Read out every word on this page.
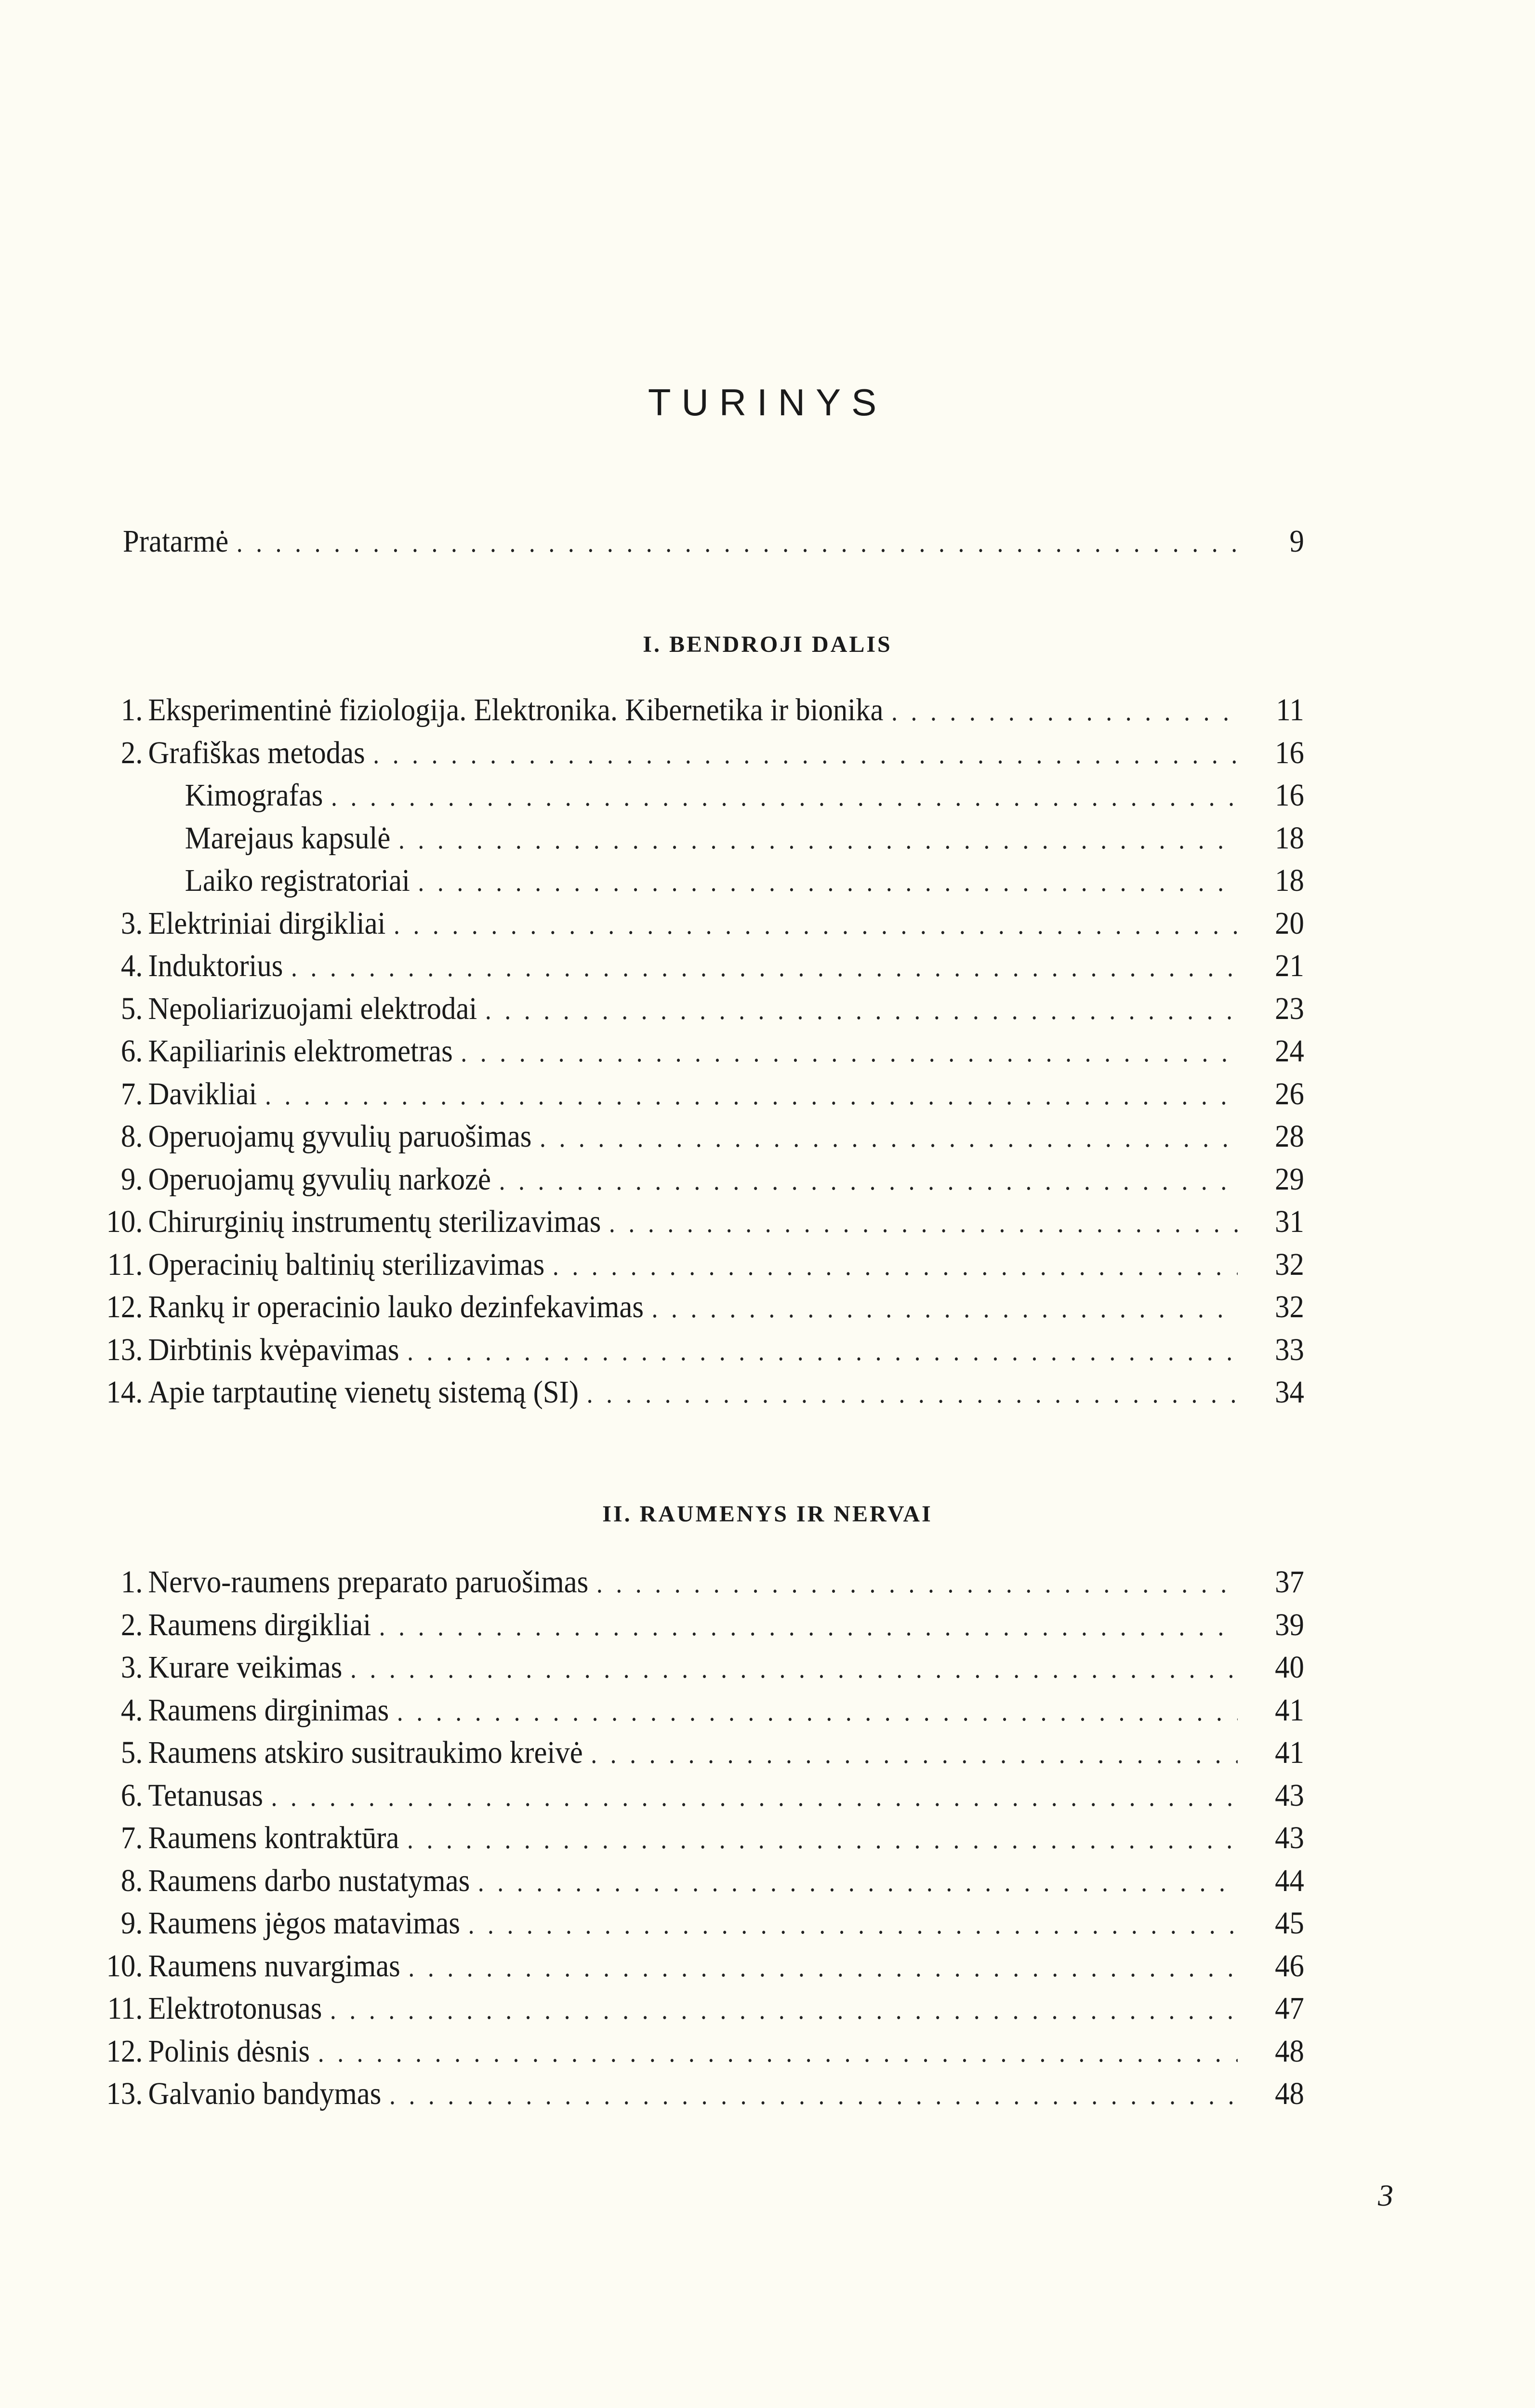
TURINYS
Pratarmė . . .	9
I. BENDROJI DALIS
1. Eksperimentinė fiziologija. Elektronika. Kibernetika ir bionika . . .	11
2. Grafiškas metodas . . .	16
Kimografas . . .	16
Marejaus kapsulė . . .	18
Laiko registratoriai . . .	18
3. Elektriniai dirgikliai . . .	20
4. Induktorius . . .	21
5. Nepoliarizuojami elektrodai . . .	23
6. Kapiliarinis elektrometras . . .	24
7. Davikliai . . .	26
8. Operuojamų gyvulių paruošimas . . .	28
9. Operuojamų gyvulių narkozė . . .	29
10. Chirurginių instrumentų sterilizavimas . . .	31
11. Operacinių baltinių sterilizavimas . . .	32
12. Rankų ir operacinio lauko dezinfekavimas . . .	32
13. Dirbtinis kvėpavimas . . .	33
14. Apie tarptautinę vienetų sistemą (SI) . . .	34
II. RAUMENYS IR NERVAI
1. Nervo-raumens preparato paruošimas . . .	37
2. Raumens dirgikliai . . .	39
3. Kurare veikimas . . .	40
4. Raumens dirginimas . . .	41
5. Raumens atskiro susitraukimo kreivė . . .	41
6. Tetanusas . . .	43
7. Raumens kontraktūra . . .	43
8. Raumens darbo nustatymas . . .	44
9. Raumens jėgos matavimas . . .	45
10. Raumens nuvargimas . . .	46
11. Elektrotonusas . . .	47
12. Polinis dėsnis . . .	48
13. Galvanio bandymas . . .	48
3
